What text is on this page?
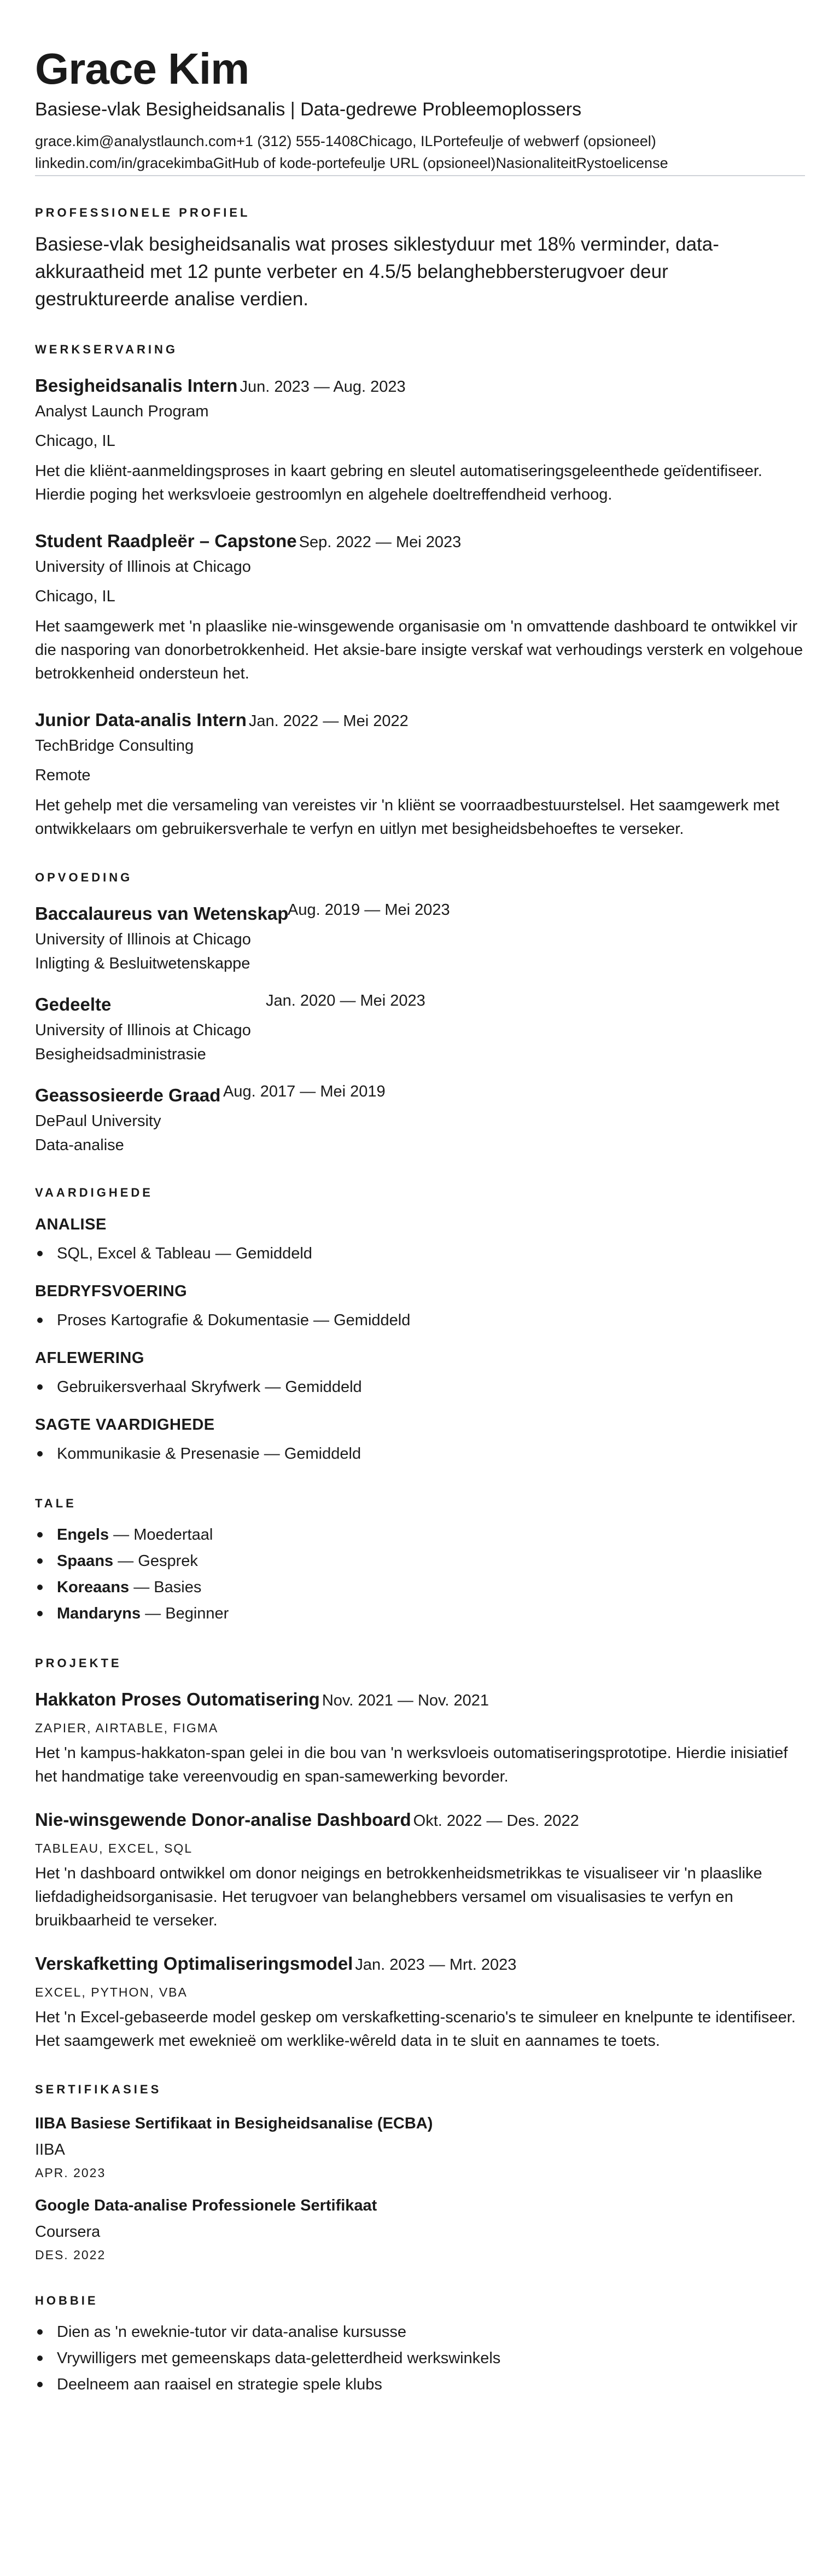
Grace Kim
Basiese-vlak Besigheidsanalis | Data-gedrewe Probleemoplossers
grace.kim@analystlaunch.com +1 (312) 555-1408 Chicago, IL Portefeulje of webwerf (opsioneel)
linkedin.com/in/gracekimba GitHub of kode-portefeulje URL (opsioneel) Nasionaliteit Rystoelicense
PROFESSIONELE PROFIEL
Basiese-vlak besigheidsanalis wat proses siklestyduur met 18% verminder, data-akkuraatheid met 12 punte verbeter en 4.5/5 belanghebbersterugvoer deur gestruktureerde analise verdien.
WERKSERVARING
Besigheidsanalis Intern Jun. 2023 — Aug. 2023
Analyst Launch Program
Chicago, IL
Het die kliënt-aanmeldingsproses in kaart gebring en sleutel automatiseringsgeleenthede geïdentifiseer. Hierdie poging het werksvloeie gestroomlyn en algehele doeltreffendheid verhoog.
Student Raadpleër – Capstone Sep. 2022 — Mei 2023
University of Illinois at Chicago
Chicago, IL
Het saamgewerk met 'n plaaslike nie-winsgewende organisasie om 'n omvattende dashboard te ontwikkel vir die nasporing van donorbetrokkenheid. Het aksie-bare insigte verskaf wat verhoudings versterk en volgehoue betrokkenheid ondersteun het.
Junior Data-analis Intern Jan. 2022 — Mei 2022
TechBridge Consulting
Remote
Het gehelp met die versameling van vereistes vir 'n kliënt se voorraadbestuurstelsel. Het saamgewerk met ontwikkelaars om gebruikersverhale te verfyn en uitlyn met besigheidsbehoeftes te verseker.
OPVOEDING
Baccalaureus van Wetenskap
Aug. 2019 — Mei 2023
University of Illinois at Chicago
Inligting & Besluitwetenskappe
Gedeelte	Jan. 2020 — Mei 2023
University of Illinois at Chicago
Besigheidsadministrasie
Geassosieerde Graad Aug. 2017 — Mei 2019
DePaul University
Data-analise
VAARDIGHEDE
ANALISE
SQL, Excel & Tableau — Gemiddeld
BEDRYFSVOERING
Proses Kartografie & Dokumentasie — Gemiddeld
AFLEWERING
Gebruikersverhaal Skryfwerk — Gemiddeld
SAGTE VAARDIGHEDE
Kommunikasie & Presenasie — Gemiddeld
TALE
Engels — Moedertaal
Spaans — Gesprek
Koreaans — Basies
Mandaryns — Beginner
PROJEKTE
Hakkaton Proses Outomatisering Nov. 2021 — Nov. 2021
ZAPIER, AIRTABLE, FIGMA
Het 'n kampus-hakkaton-span gelei in die bou van 'n werksvloeis outomatiseringsprototipe. Hierdie inisiatief het handmatige take vereenvoudig en span-samewerking bevorder.
Nie-winsgewende Donor-analise Dashboard Okt. 2022 — Des. 2022
TABLEAU, EXCEL, SQL
Het 'n dashboard ontwikkel om donor neigings en betrokkenheidsmetrikkas te visualiseer vir 'n plaaslike liefdadigheidsorganisasie. Het terugvoer van belanghebbers versamel om visualisasies te verfyn en bruikbaarheid te verseker.
Verskafketting Optimaliseringsmodel Jan. 2023 — Mrt. 2023
EXCEL, PYTHON, VBA
Het 'n Excel-gebaseerde model geskep om verskafketting-scenario's te simuleer en knelpunte te identifiseer. Het saamgewerk met eweknieë om werklike-wêreld data in te sluit en aannames te toets.
SERTIFIKASIES
IIBA Basiese Sertifikaat in Besigheidsanalise (ECBA)
IIBA
APR. 2023
Google Data-analise Professionele Sertifikaat
Coursera
DES. 2022
HOBBIE
Dien as 'n eweknie-tutor vir data-analise kursusse
Vrywilligers met gemeenskaps data-geletterdheid werkswinkels
Deelneem aan raaisel en strategie spele klubs
